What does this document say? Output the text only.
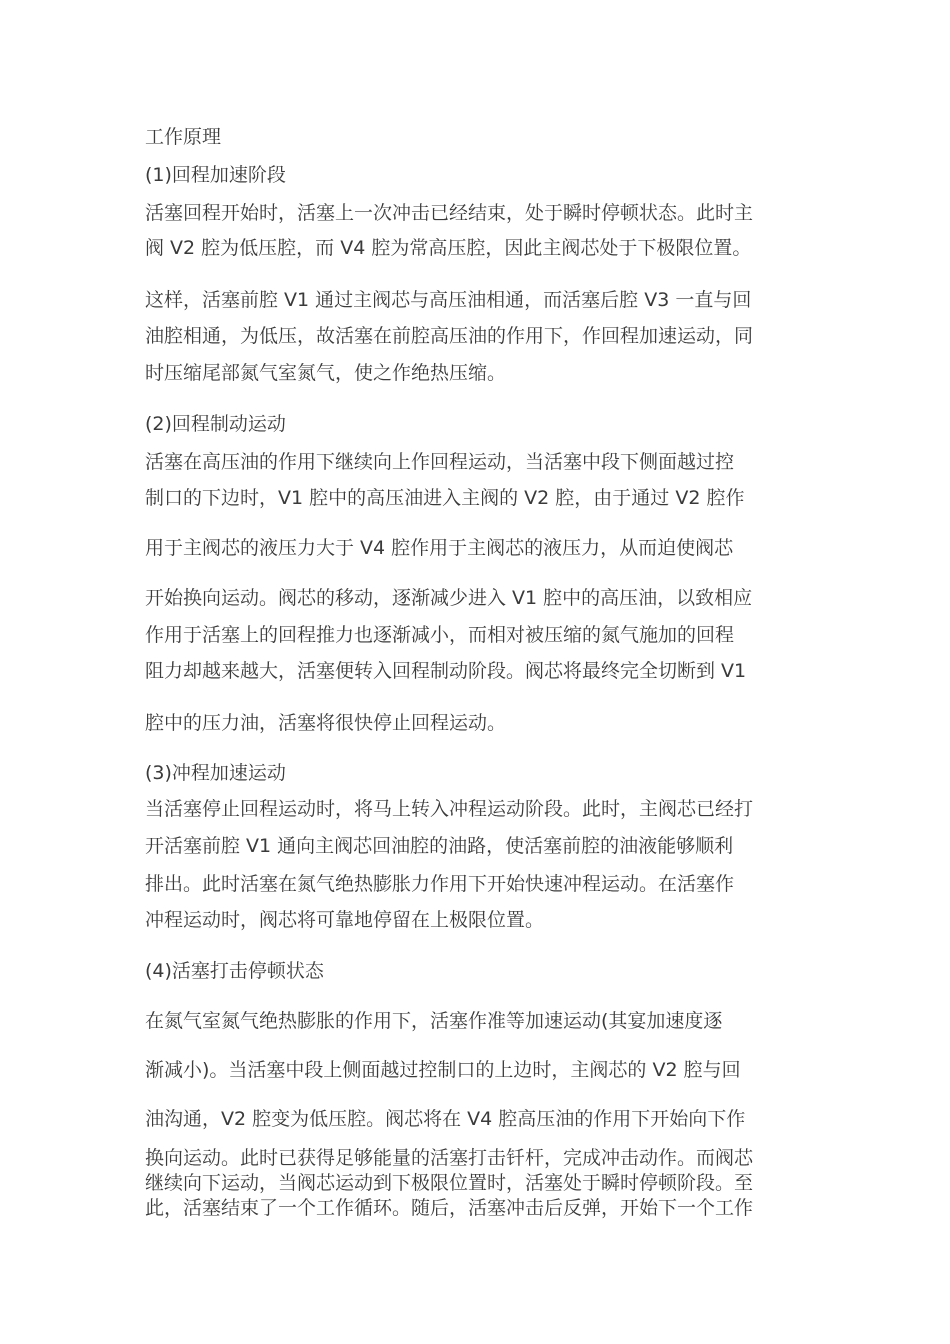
工作原理
(1)回程加速阶段
活塞回程开始时，活塞上一次冲击已经结束，处于瞬时停顿状态。此时主
阀 V2 腔为低压腔，而 V4 腔为常高压腔，因此主阀芯处于下极限位置。
这样，活塞前腔 V1 通过主阀芯与高压油相通，而活塞后腔 V3 一直与回
油腔相通，为低压，故活塞在前腔高压油的作用下，作回程加速运动，同
时压缩尾部氮气室氮气，使之作绝热压缩。
(2)回程制动运动
活塞在高压油的作用下继续向上作回程运动，当活塞中段下侧面越过控
制口的下边时，V1 腔中的高压油进入主阀的 V2 腔，由于通过 V2 腔作
用于主阀芯的液压力大于 V4 腔作用于主阀芯的液压力，从而迫使阀芯
开始换向运动。阀芯的移动，逐渐减少进入 V1 腔中的高压油，以致相应
作用于活塞上的回程推力也逐渐减小，而相对被压缩的氮气施加的回程
阻力却越来越大，活塞便转入回程制动阶段。阀芯将最终完全切断到 V1
腔中的压力油，活塞将很快停止回程运动。
(3)冲程加速运动
当活塞停止回程运动时，将马上转入冲程运动阶段。此时，主阀芯已经打
开活塞前腔 V1 通向主阀芯回油腔的油路，使活塞前腔的油液能够顺利
排出。此时活塞在氮气绝热膨胀力作用下开始快速冲程运动。在活塞作
冲程运动时，阀芯将可靠地停留在上极限位置。
(4)活塞打击停顿状态
在氮气室氮气绝热膨胀的作用下，活塞作准等加速运动(其宴加速度逐
渐减小)。当活塞中段上侧面越过控制口的上边时，主阀芯的 V2 腔与回
油沟通，V2 腔变为低压腔。阀芯将在 V4 腔高压油的作用下开始向下作
换向运动。此时已获得足够能量的活塞打击钎杆，完成冲击动作。而阀芯
继续向下运动，当阀芯运动到下极限位置时，活塞处于瞬时停顿阶段。至
此，活塞结束了一个工作循环。随后，活塞冲击后反弹，开始下一个工作
